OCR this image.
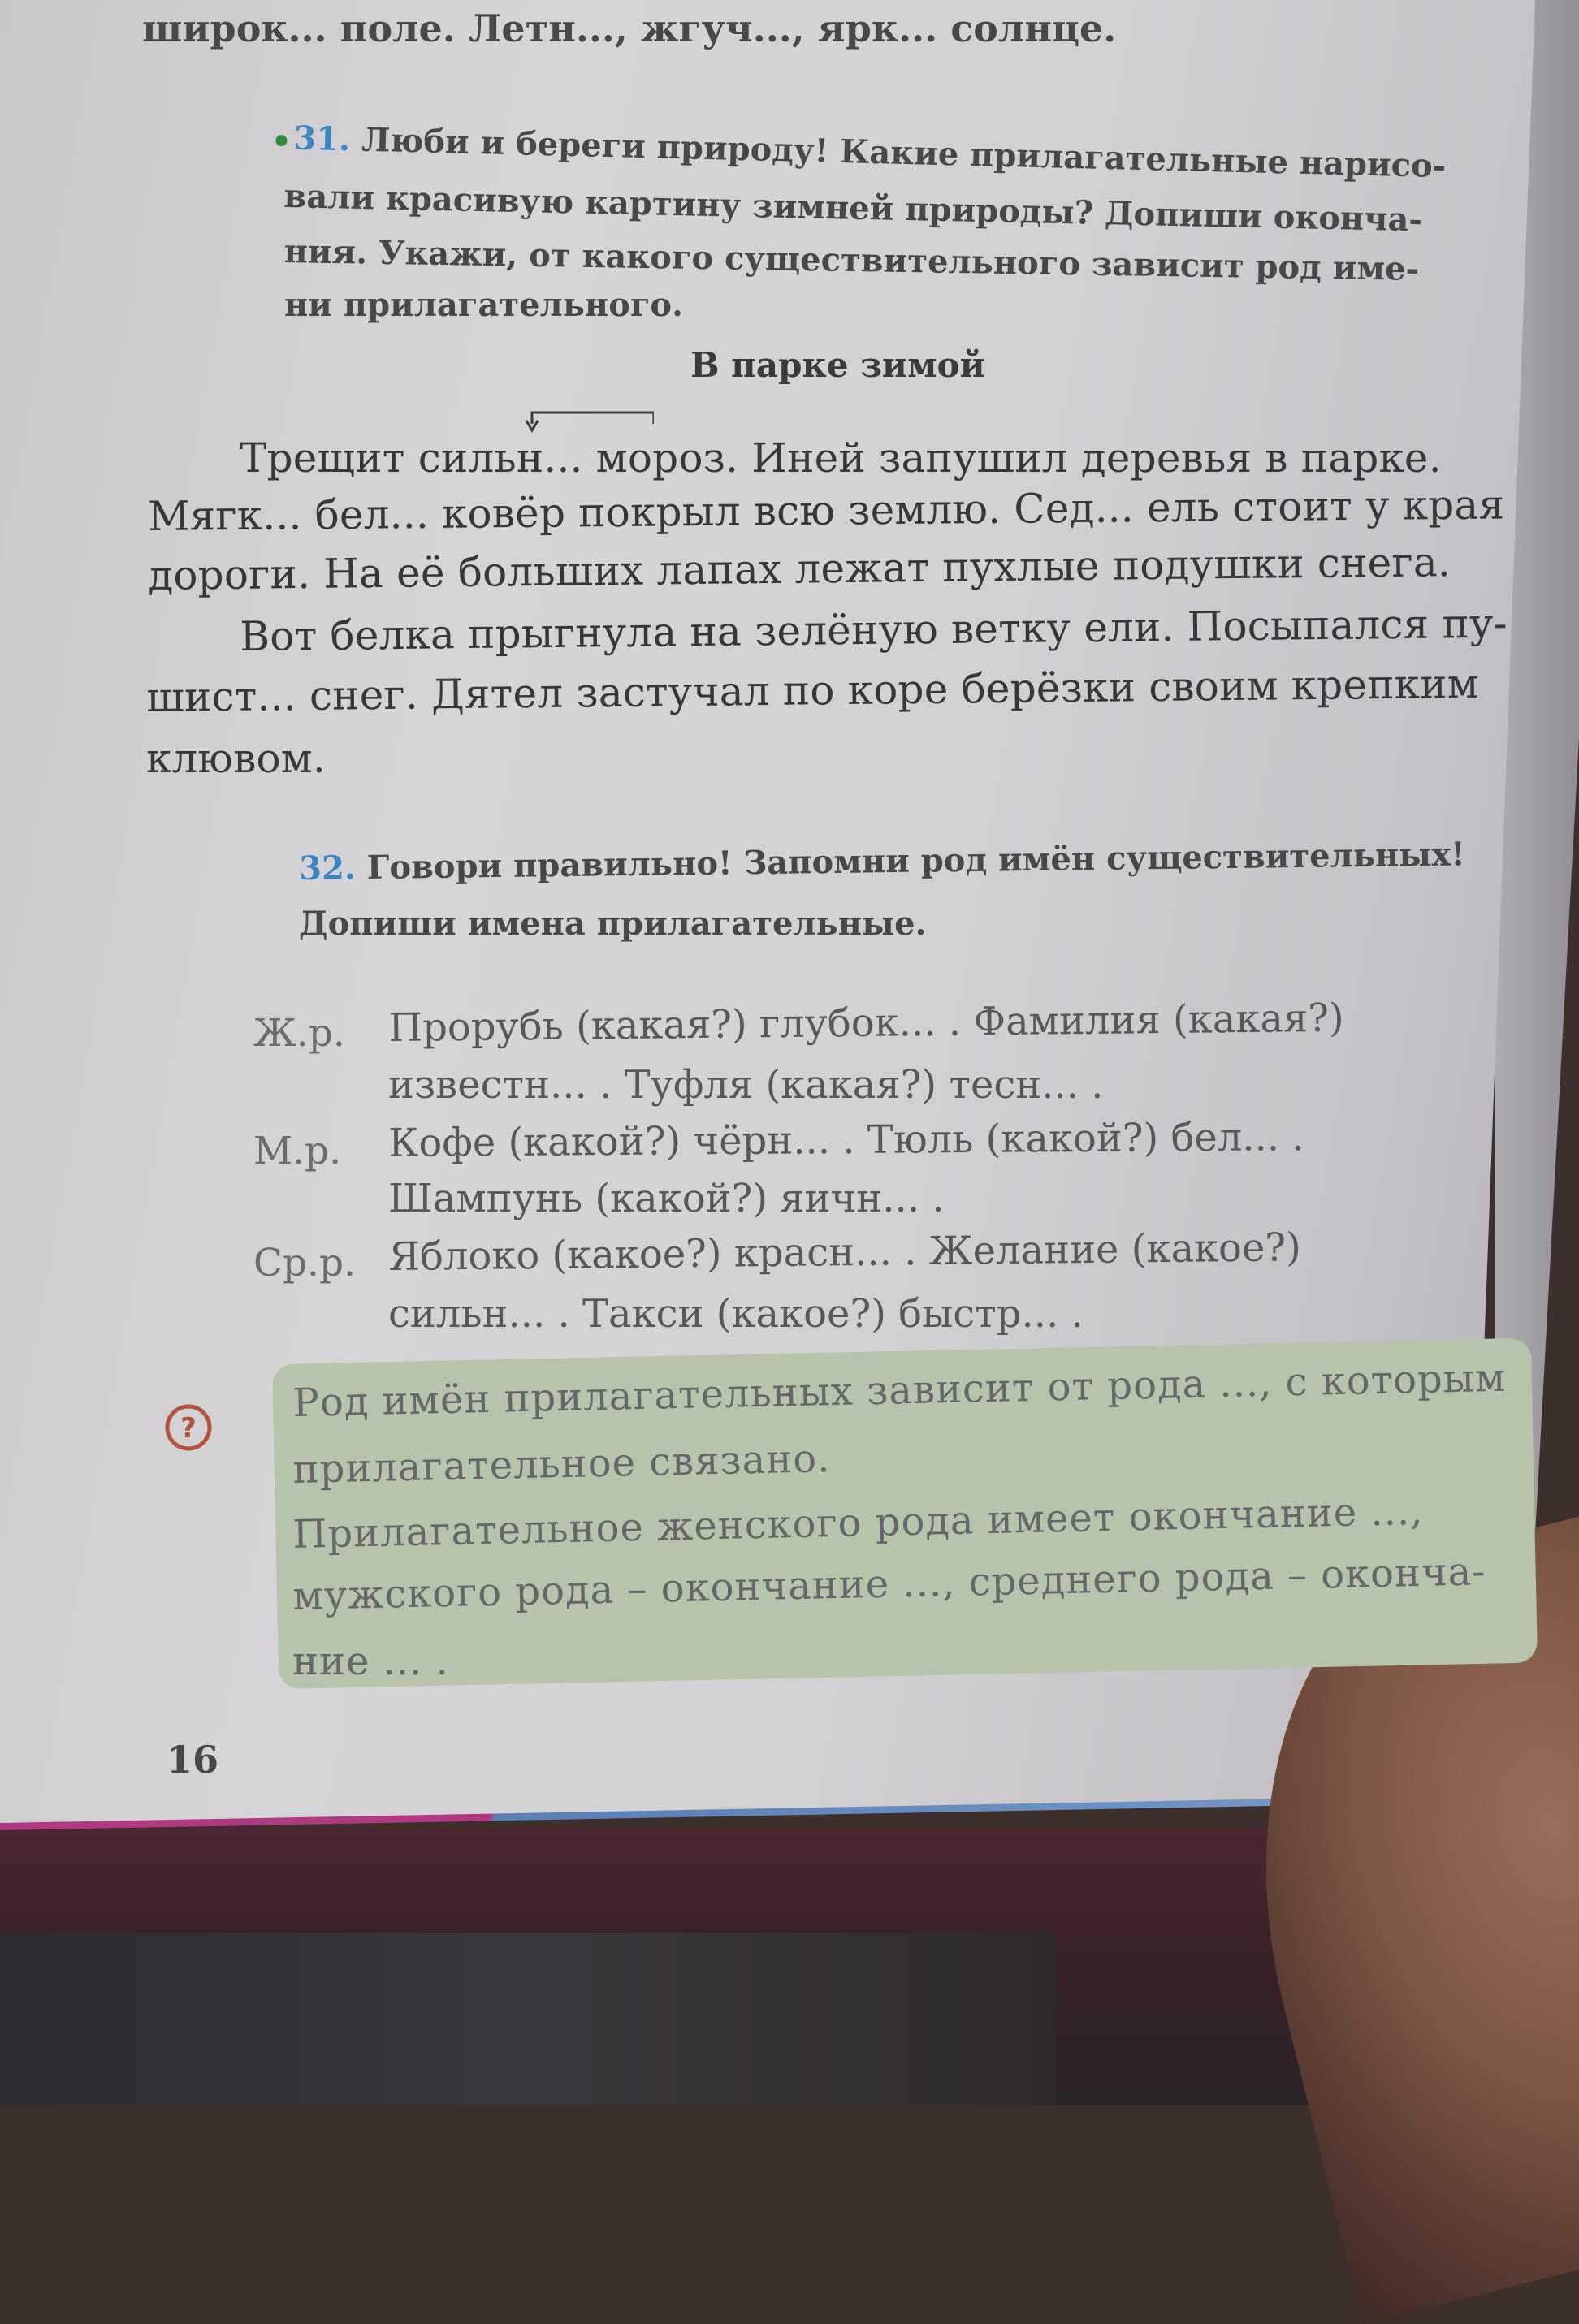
широк... поле. Летн..., жгуч..., ярк... солнце.

31. Люби и береги природу! Какие прилагательные нарисо-

вали красивую картину зимней природы? Допиши оконча-

ния. Укажи, от какого существительного зависит род име-

ни прилагательного.

В парке зимой

Трещит сильн... мороз. Иней запушил деревья в парке.

Мягк... бел... ковёр покрыл всю землю. Сед... ель стоит у края

дороги. На её больших лапах лежат пухлые подушки снега.

Вот белка прыгнула на зелёную ветку ели. Посыпался пу-

шист... снег. Дятел застучал по коре берёзки своим крепким

клювом.

32. Говори правильно! Запомни род имён существительных!

Допиши имена прилагательные.

Ж.р. Прорубь (какая?) глубок... . Фамилия (какая?)

известн... . Туфля (какая?) тесн... .

М.р. Кофе (какой?) чёрн... . Тюль (какой?) бел... .

Шампунь (какой?) яичн... .

Ср.р. Яблоко (какое?) красн... . Желание (какое?)

сильн... . Такси (какое?) быстр... .

?

Род имён прилагательных зависит от рода ..., с которым

прилагательное связано.

Прилагательное женского рода имеет окончание ...,

мужского рода – окончание ..., среднего рода – оконча-

ние ... .

16
